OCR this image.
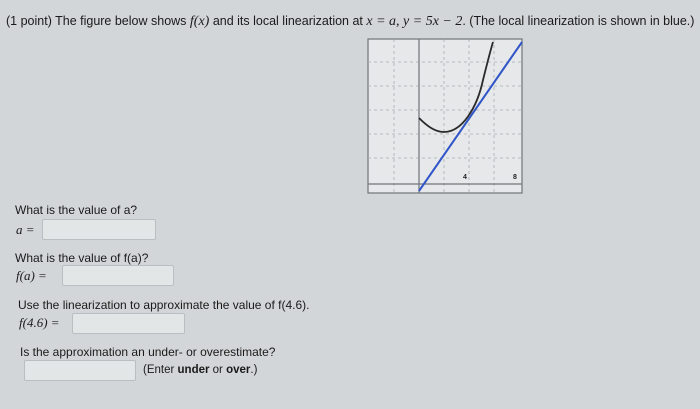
(1 point) The figure below shows f(x) and its local linearization at x = a, y = 5x − 2. (The local linearization is shown in blue.)
4	8
What is the value of a?
a =
What is the value of f(a)?
f(a) =
Use the linearization to approximate the value of f(4.6).
f(4.6) =
Is the approximation an under- or overestimate?
(Enter under or over.)
